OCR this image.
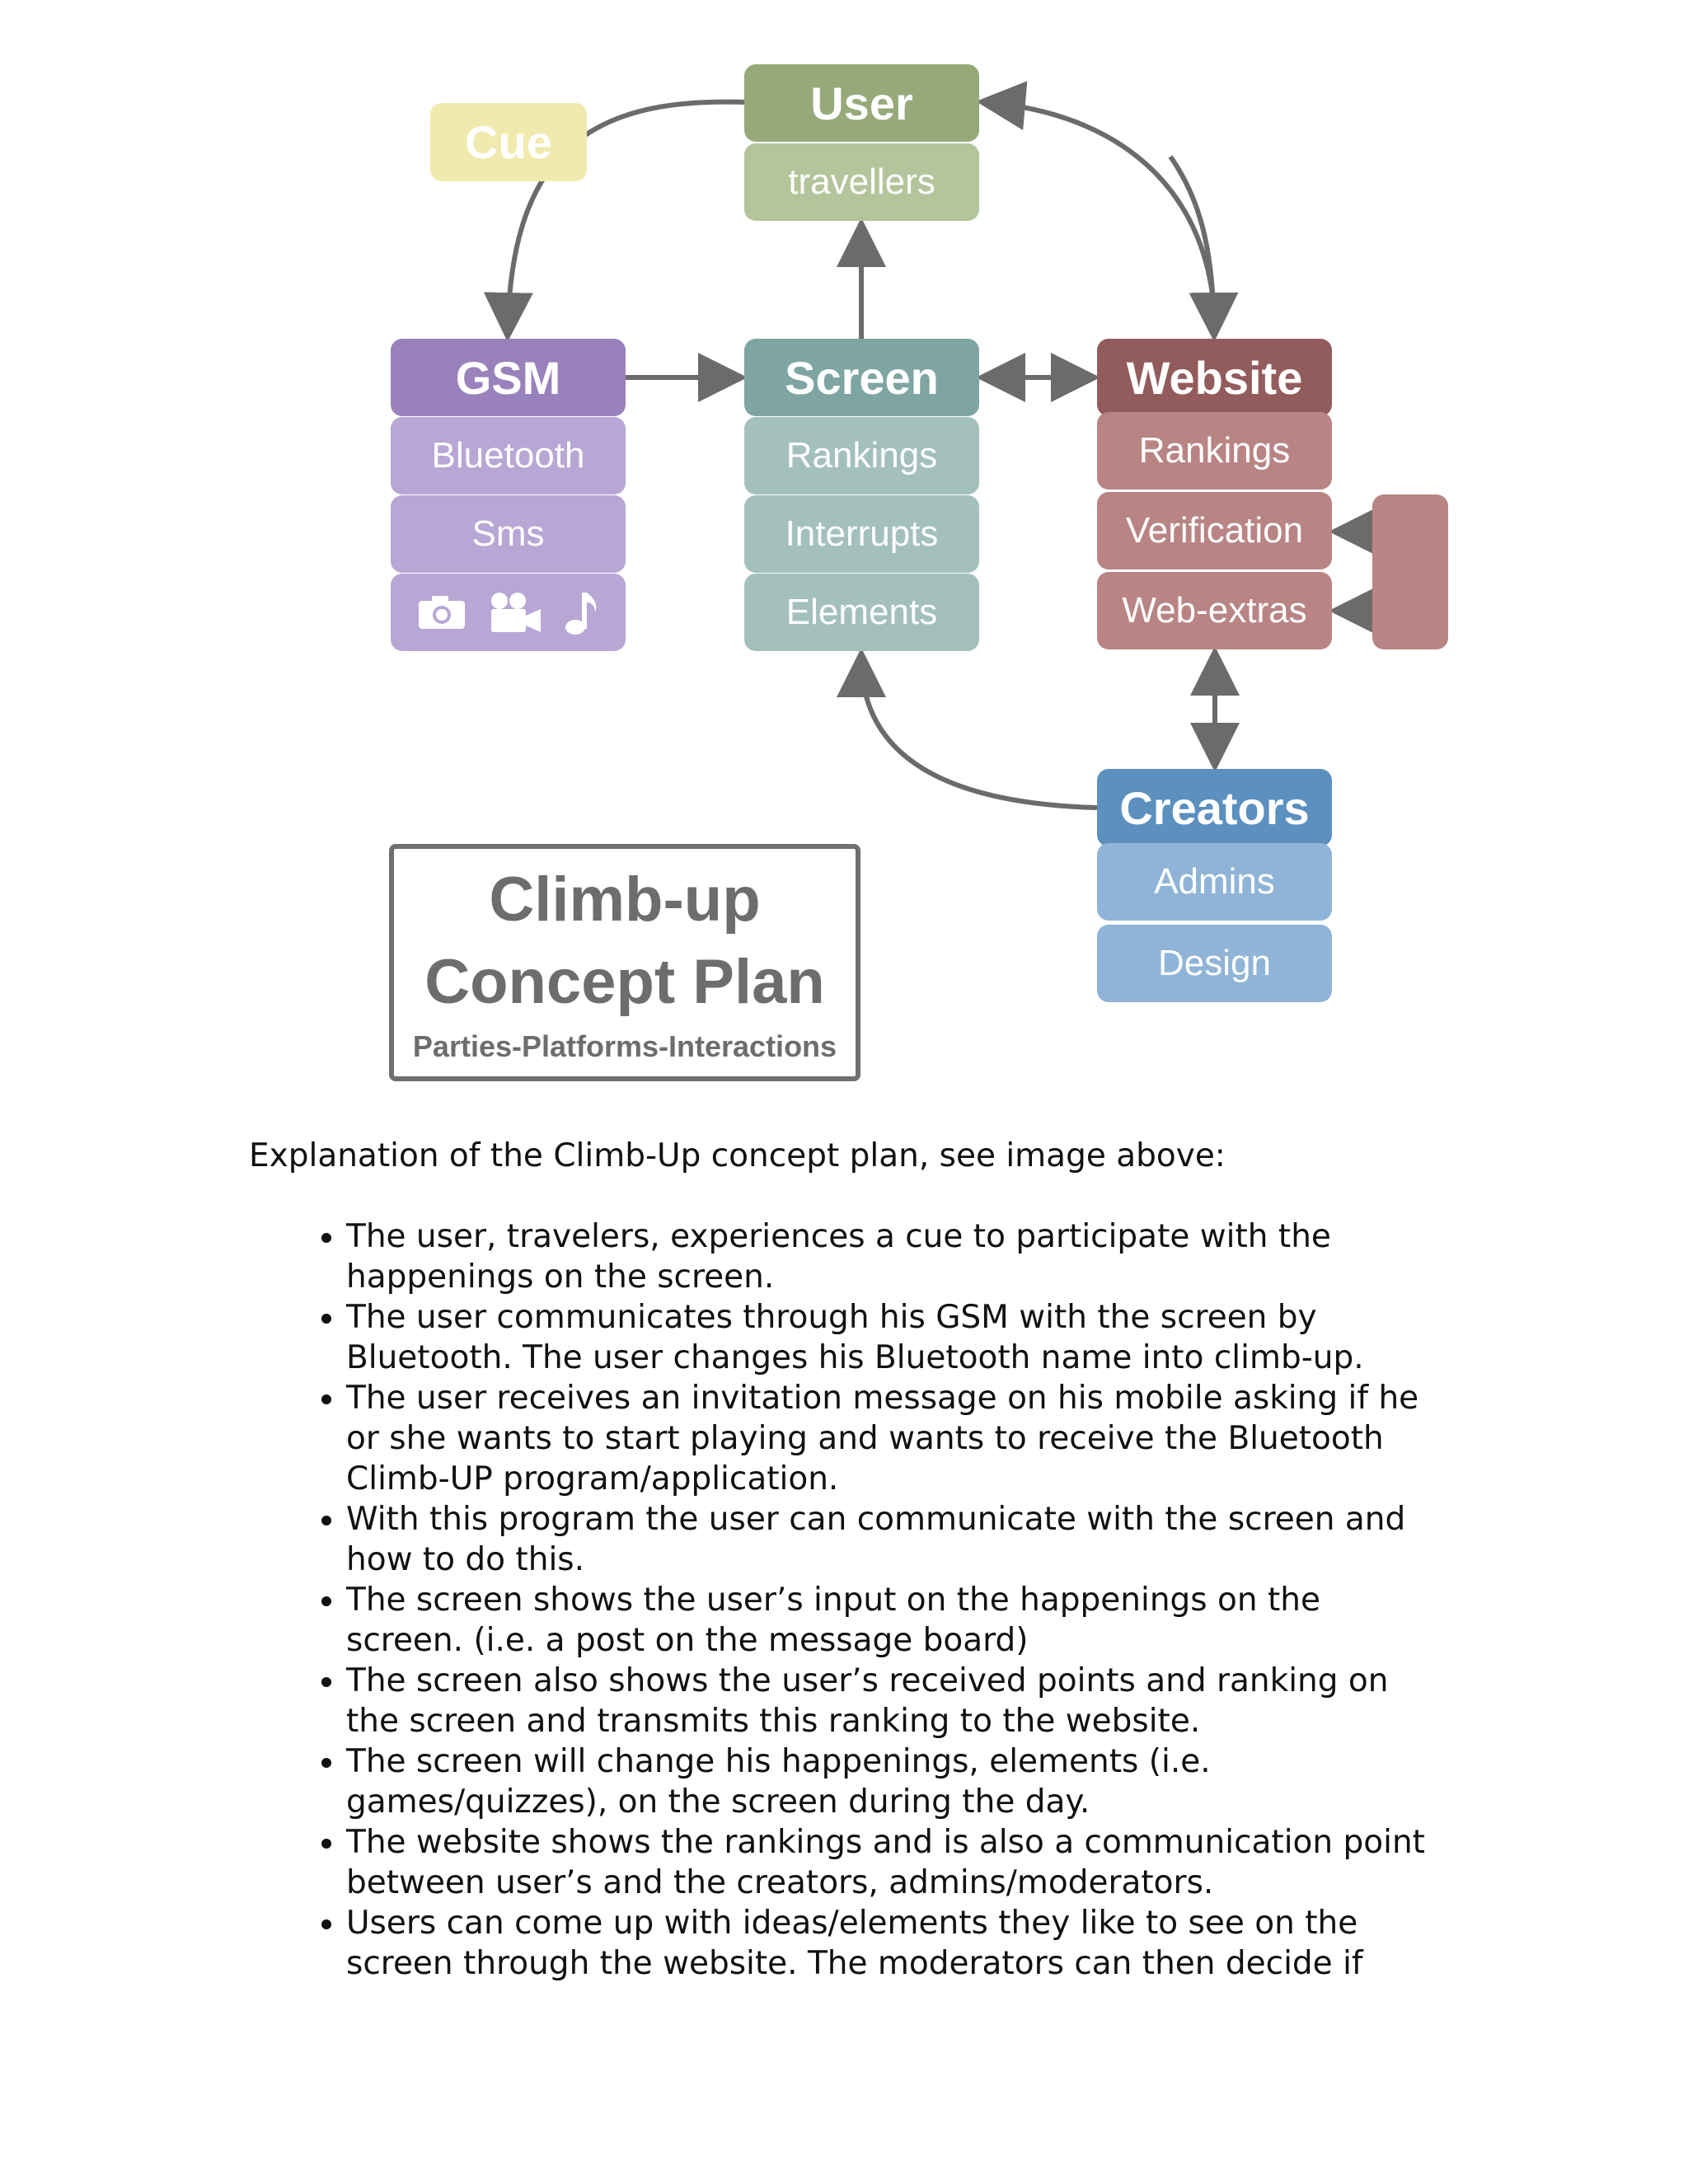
Cue
User
travellers
GSM
Bluetooth
Sms
Screen
Rankings
Interrupts
Elements
Website
Rankings
Verification
Web-extras
Creators
Admins
Design
Climb-up
Concept Plan
Parties-Platforms-Interactions

Explanation of the Climb-Up concept plan, see image above:

• The user, travelers, experiences a cue to participate with the happenings on the screen.
• The user communicates through his GSM with the screen by Bluetooth. The user changes his Bluetooth name into climb-up.
• The user receives an invitation message on his mobile asking if he or she wants to start playing and wants to receive the Bluetooth Climb-UP program/application.
• With this program the user can communicate with the screen and how to do this.
• The screen shows the user’s input on the happenings on the screen. (i.e. a post on the message board)
• The screen also shows the user’s received points and ranking on the screen and transmits this ranking to the website.
• The screen will change his happenings, elements (i.e. games/quizzes), on the screen during the day.
• The website shows the rankings and is also a communication point between user’s and the creators, admins/moderators.
• Users can come up with ideas/elements they like to see on the screen through the website. The moderators can then decide if
